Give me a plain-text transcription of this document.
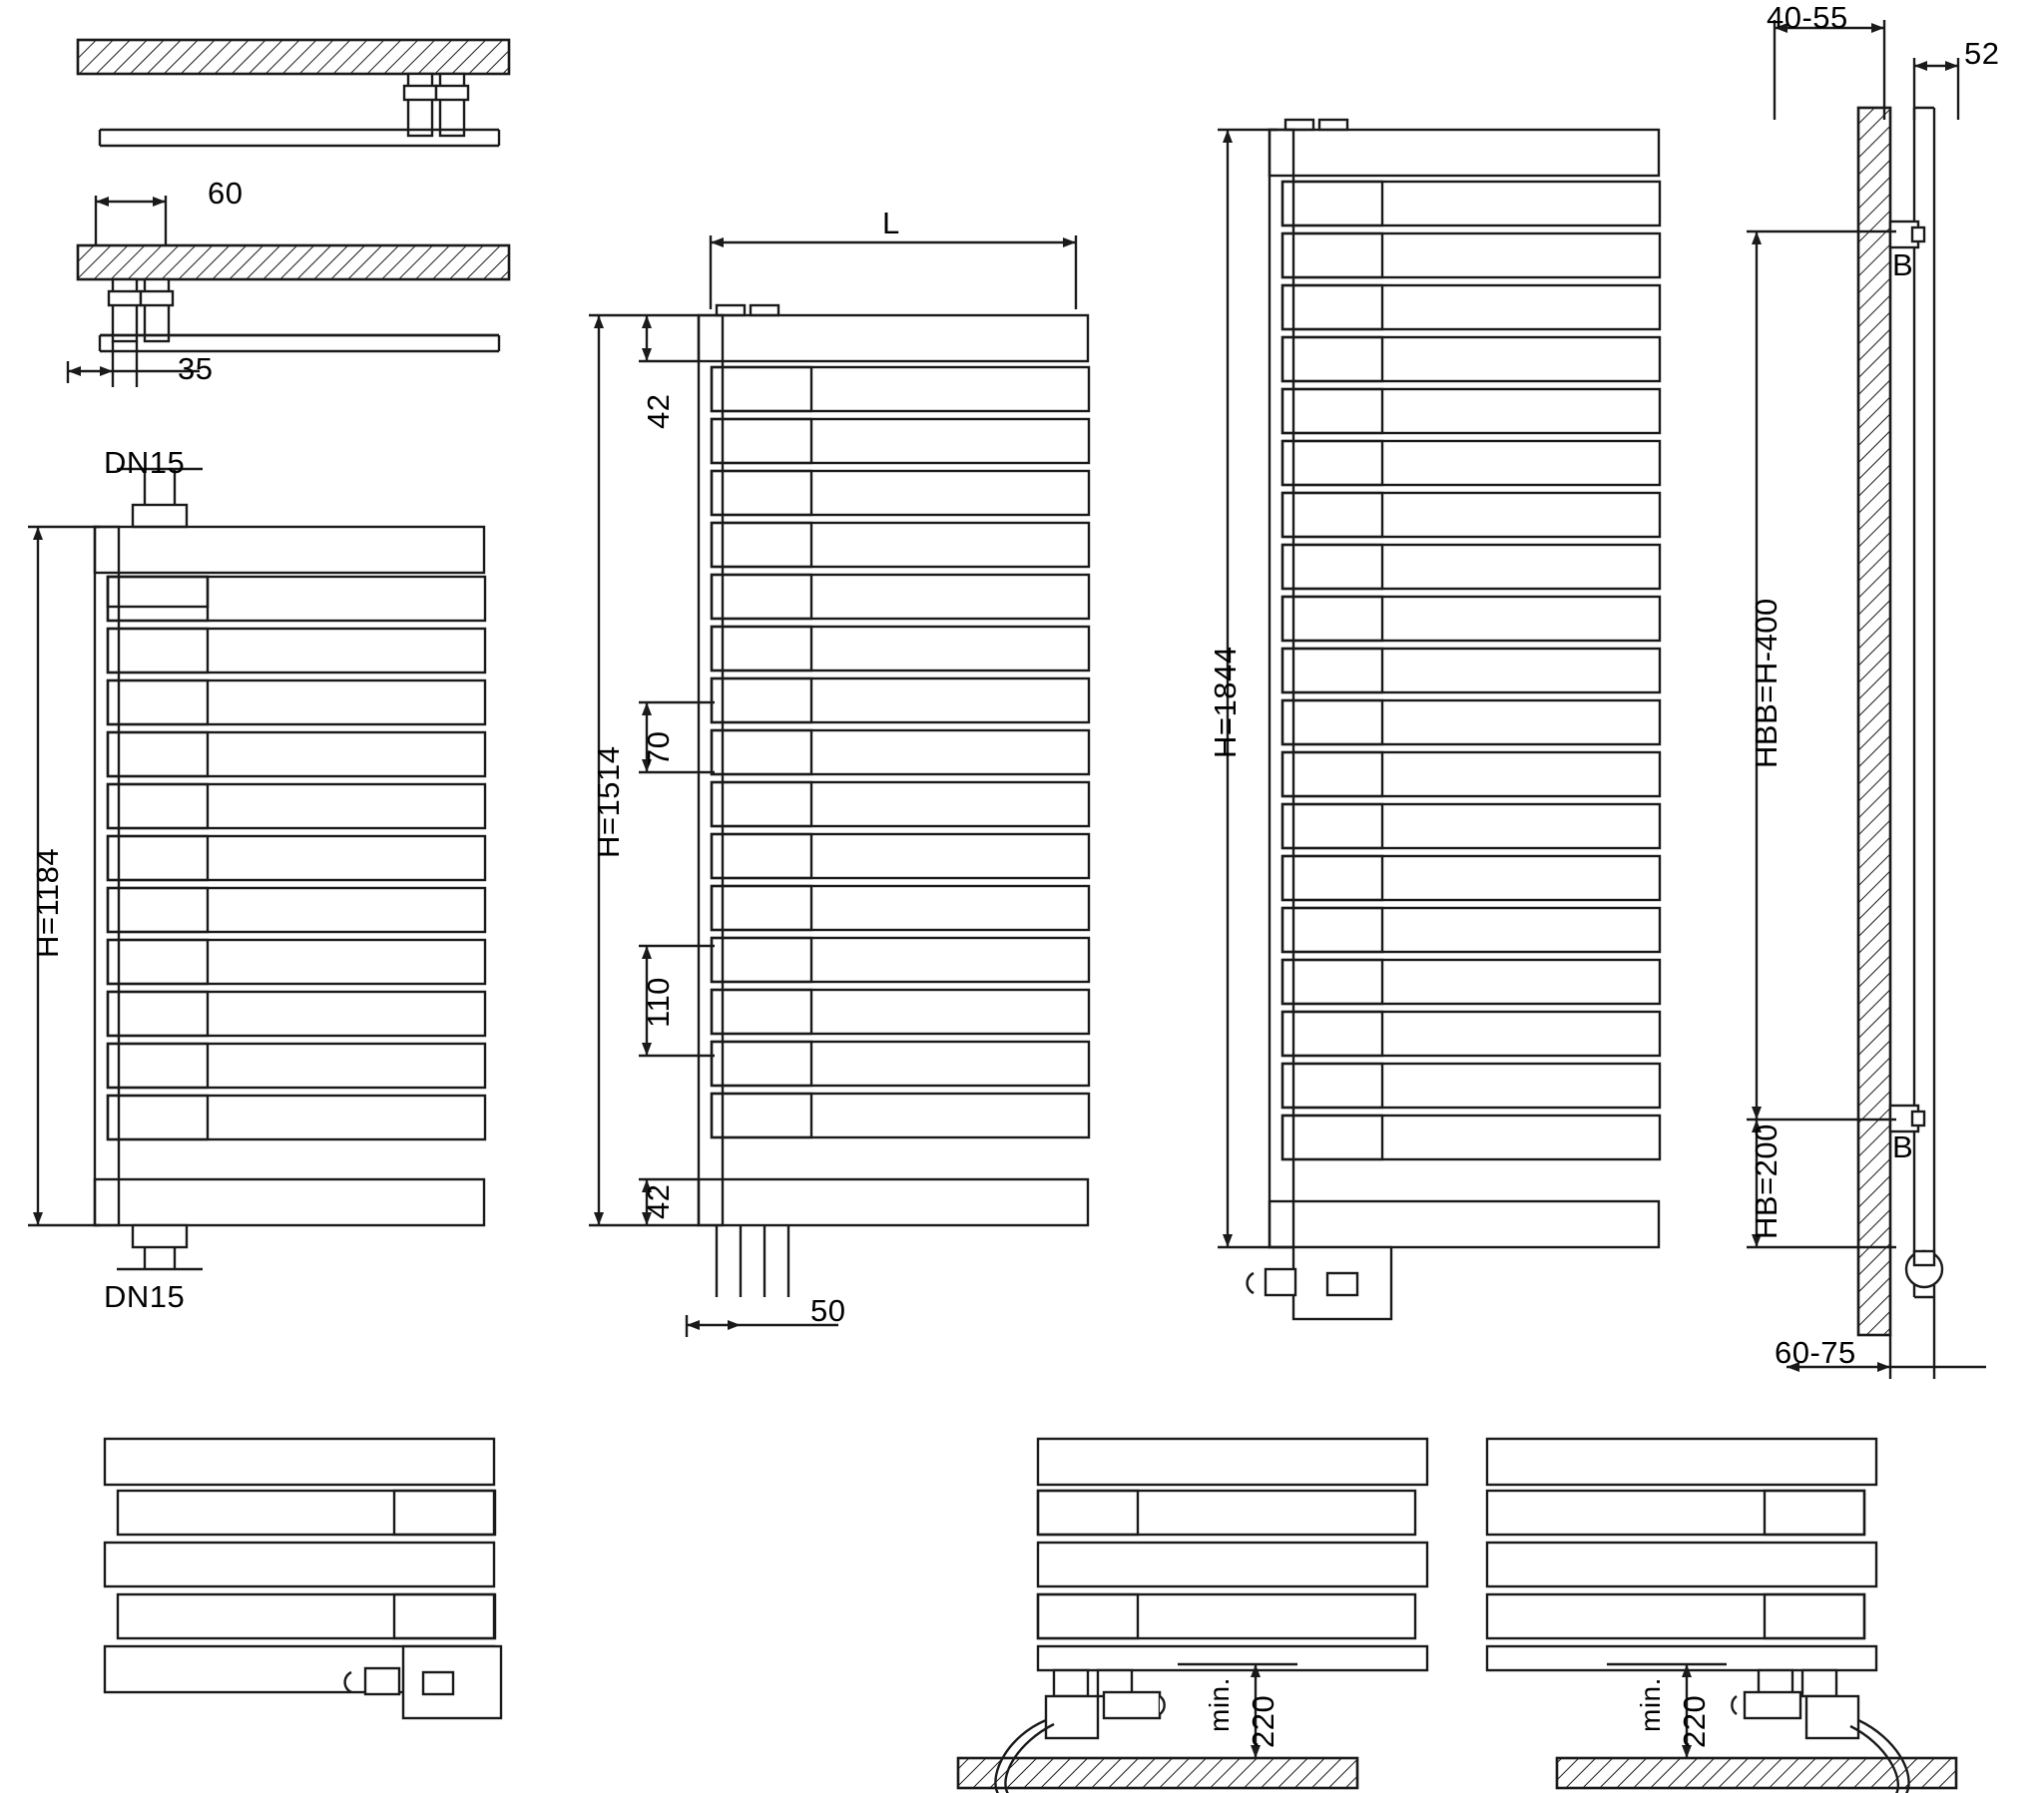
60
35
DN15
DN15
H=1184
L
H=1514
42
70
110
42
50
H=1844
40-55
52
B
B
HBB=H-400
HB=200
60-75
min. 220	min. 220
